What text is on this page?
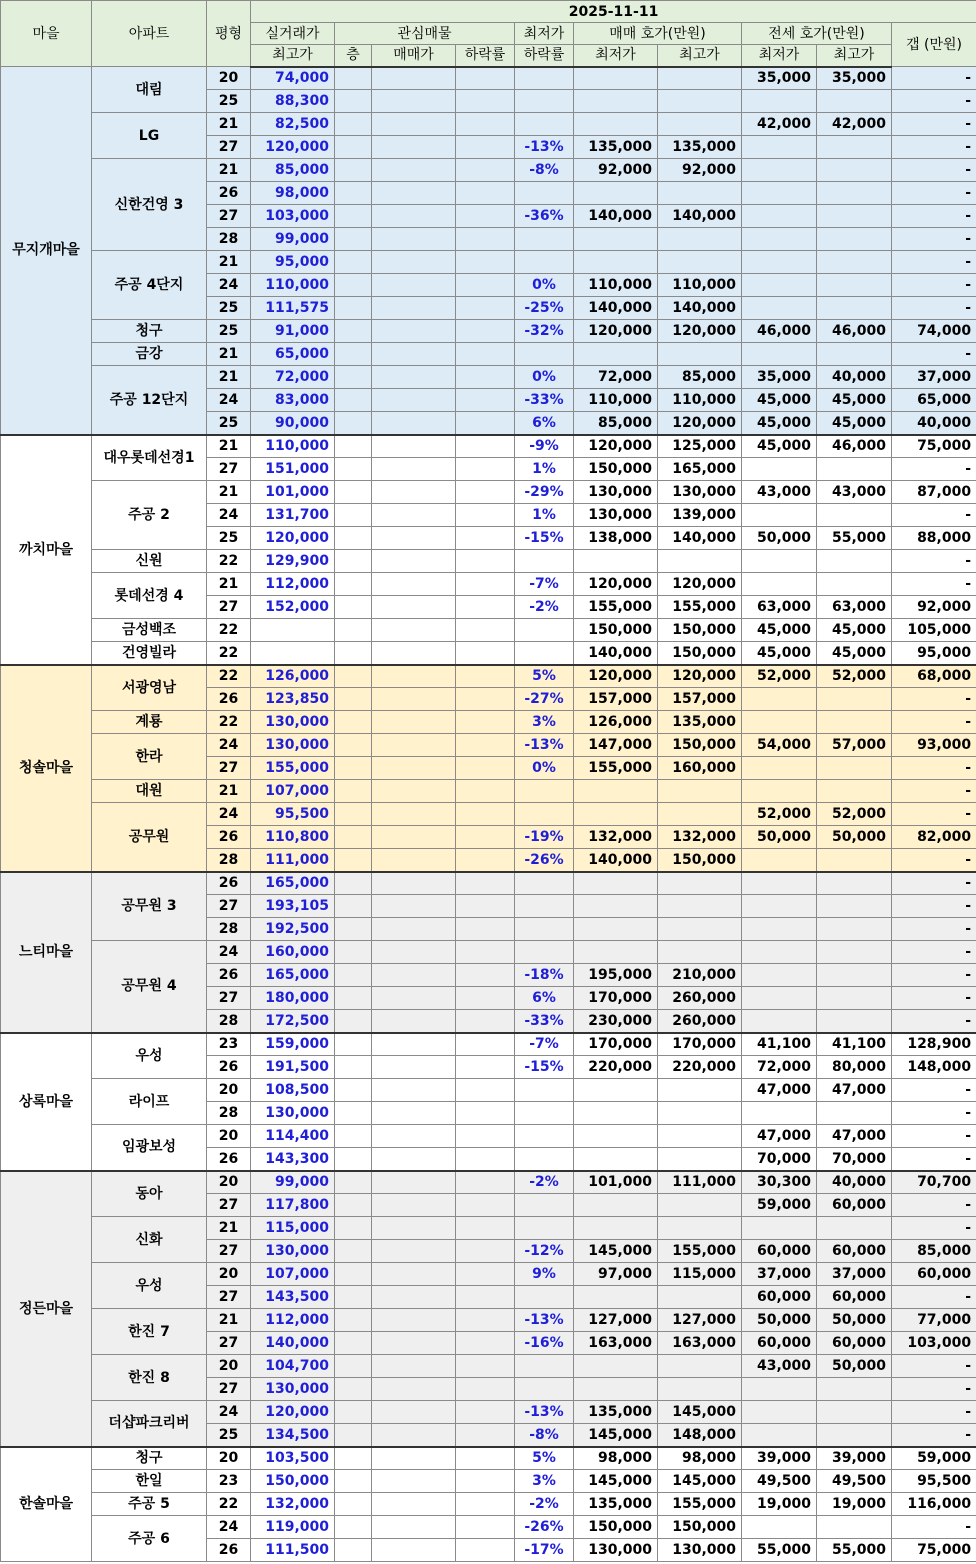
마을	아파트	평형	2025-11-11									
			실거래가	관심매물			최저가	매매 호가(만원)		전세 호가(만원)		갭 (만원)
			최고가	층	매매가	하락률	하락률	최저가	최고가	최저가	최고가	
무지개마을	대림	20	74,000							35,000	35,000	-
		25	88,300									-
	LG	21	82,500							42,000	42,000	-
		27	120,000				-13%	135,000	135,000			-
	신한건영 3	21	85,000				-8%	92,000	92,000			-
		26	98,000									-
		27	103,000				-36%	140,000	140,000			-
		28	99,000									-
	주공 4단지	21	95,000									-
		24	110,000				0%	110,000	110,000			-
		25	111,575				-25%	140,000	140,000			-
	청구	25	91,000				-32%	120,000	120,000	46,000	46,000	74,000
	금강	21	65,000									-
	주공 12단지	21	72,000				0%	72,000	85,000	35,000	40,000	37,000
		24	83,000				-33%	110,000	110,000	45,000	45,000	65,000
		25	90,000				6%	85,000	120,000	45,000	45,000	40,000
까치마을	대우롯데선경1	21	110,000				-9%	120,000	125,000	45,000	46,000	75,000
		27	151,000				1%	150,000	165,000			-
	주공 2	21	101,000				-29%	130,000	130,000	43,000	43,000	87,000
		24	131,700				1%	130,000	139,000			-
		25	120,000				-15%	138,000	140,000	50,000	55,000	88,000
	신원	22	129,900									-
	롯데선경 4	21	112,000				-7%	120,000	120,000			-
		27	152,000				-2%	155,000	155,000	63,000	63,000	92,000
	금성백조	22						150,000	150,000	45,000	45,000	105,000
	건영빌라	22						140,000	150,000	45,000	45,000	95,000
청솔마을	서광영남	22	126,000				5%	120,000	120,000	52,000	52,000	68,000
		26	123,850				-27%	157,000	157,000			-
	계룡	22	130,000				3%	126,000	135,000			-
	한라	24	130,000				-13%	147,000	150,000	54,000	57,000	93,000
		27	155,000				0%	155,000	160,000			-
	대원	21	107,000									-
	공무원	24	95,500							52,000	52,000	-
		26	110,800				-19%	132,000	132,000	50,000	50,000	82,000
		28	111,000				-26%	140,000	150,000			-
느티마을	공무원 3	26	165,000									-
		27	193,105									-
		28	192,500									-
	공무원 4	24	160,000									-
		26	165,000				-18%	195,000	210,000			-
		27	180,000				6%	170,000	260,000			-
		28	172,500				-33%	230,000	260,000			-
상록마을	우성	23	159,000				-7%	170,000	170,000	41,100	41,100	128,900
		26	191,500				-15%	220,000	220,000	72,000	80,000	148,000
	라이프	20	108,500							47,000	47,000	-
		28	130,000									-
	임광보성	20	114,400							47,000	47,000	-
		26	143,300							70,000	70,000	-
정든마을	동아	20	99,000				-2%	101,000	111,000	30,300	40,000	70,700
		27	117,800							59,000	60,000	-
	신화	21	115,000									-
		27	130,000				-12%	145,000	155,000	60,000	60,000	85,000
	우성	20	107,000				9%	97,000	115,000	37,000	37,000	60,000
		27	143,500							60,000	60,000	-
	한진 7	21	112,000				-13%	127,000	127,000	50,000	50,000	77,000
		27	140,000				-16%	163,000	163,000	60,000	60,000	103,000
	한진 8	20	104,700							43,000	50,000	-
		27	130,000									-
	더샵파크리버	24	120,000				-13%	135,000	145,000			-
		25	134,500				-8%	145,000	148,000			-
한솔마을	청구	20	103,500				5%	98,000	98,000	39,000	39,000	59,000
	한일	23	150,000				3%	145,000	145,000	49,500	49,500	95,500
	주공 5	22	132,000				-2%	135,000	155,000	19,000	19,000	116,000
	주공 6	24	119,000				-26%	150,000	150,000			-
		26	111,500				-17%	130,000	130,000	55,000	55,000	75,000
